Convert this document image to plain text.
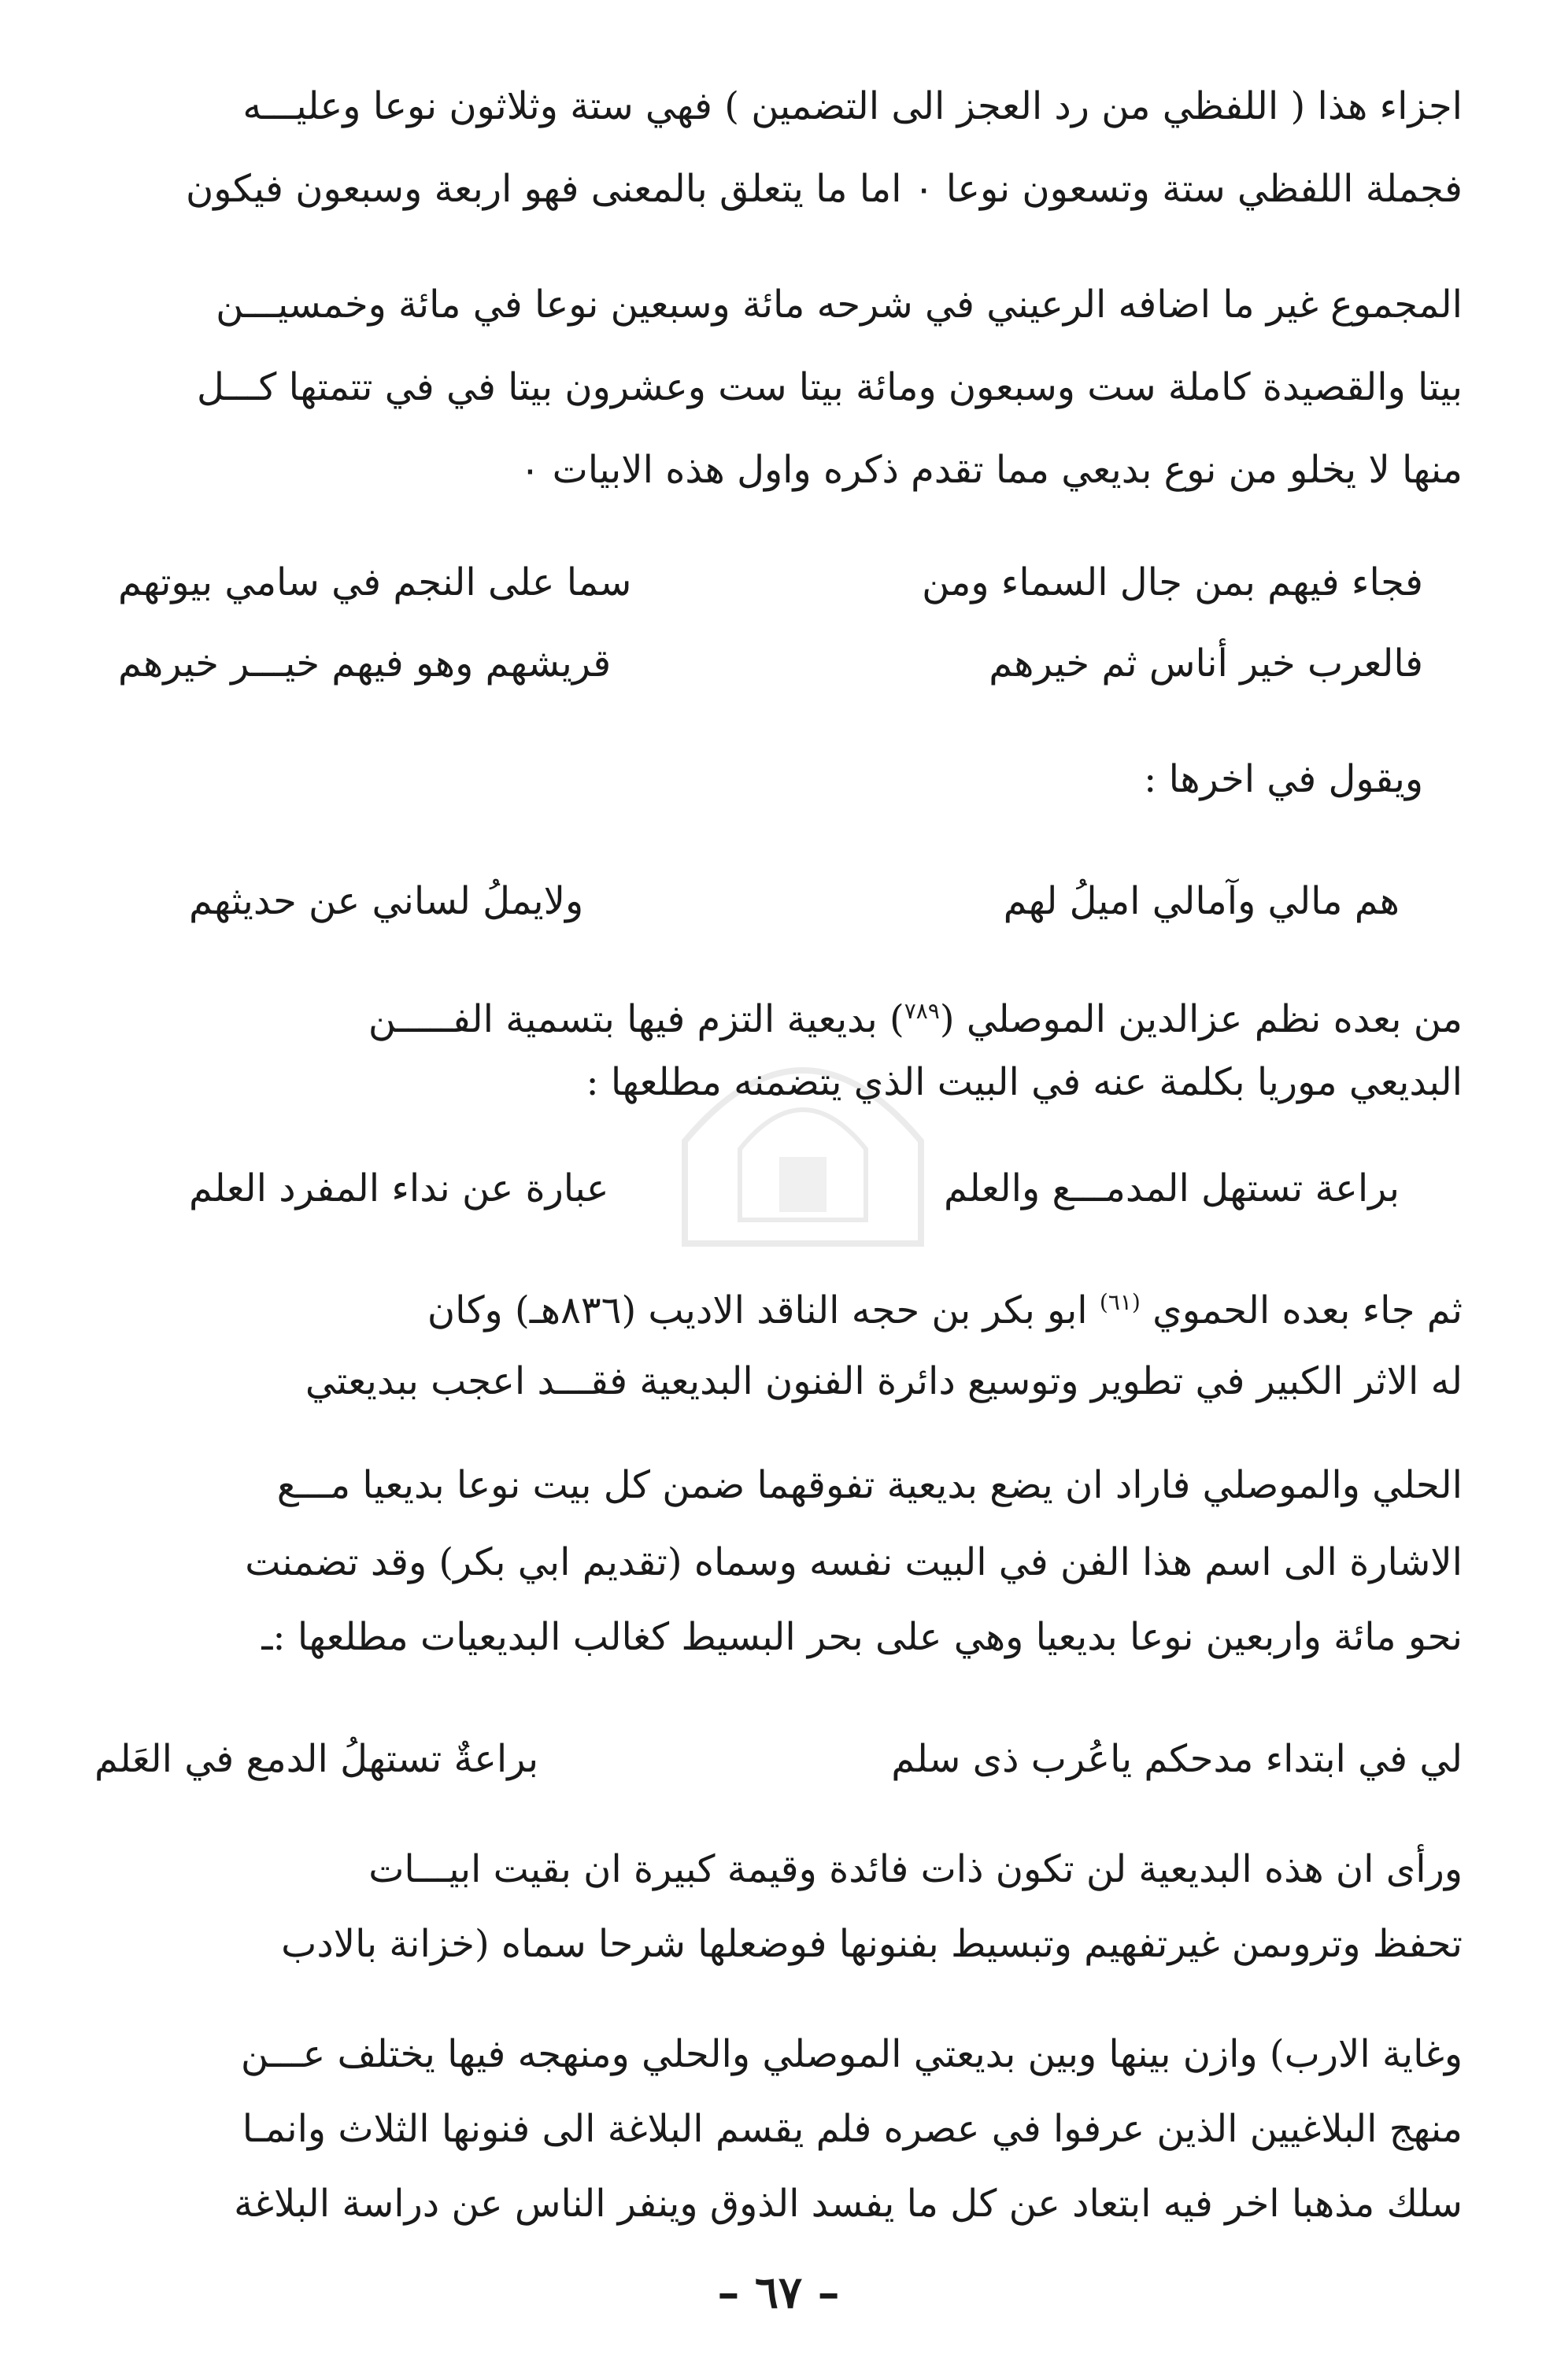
اجزاء هذا ( اللفظي من رد العجز الى التضمين ) فهي ستة وثلاثون نوعا وعليـــه
فجملة اللفظي ستة وتسعون نوعا ٠ اما ما يتعلق بالمعنى فهو اربعة وسبعون فيكون
المجموع غير ما اضافه الرعيني في شرحه مائة وسبعين نوعا في مائة وخمسيـــن
بيتا والقصيدة كاملة ست وسبعون ومائة بيتا ست وعشرون بيتا في في تتمتها كـــل
منها لا يخلو من نوع بديعي مما تقدم ذكره واول هذه الابيات ٠
فجاء فيهم بمن جال السماء ومن
سما على النجم في سامي بيوتهم
فالعرب خير أناس ثم خيرهم
قريشهم وهو فيهم خيـــر خيرهم
ويقول في اخرها :
هم مالي وآمالي اميلُ لهم
ولايملُ لساني عن حديثهم
من بعده نظم عزالدين الموصلي ($^{٧٨٩}$) بديعية التزم فيها بتسمية الفـــــن
البديعي موريا بكلمة عنه في البيت الذي يتضمنه مطلعها :
براعة تستهل المدمـــع والعلم
عبارة عن نداء المفرد العلم
ثم جاء بعده الحموي $^{(٦١)}$ ابو بكر بن حجه الناقد الاديب (٨٣٦هـ) وكان
له الاثر الكبير في تطوير وتوسيع دائرة الفنون البديعية فقـــد اعجب ببديعتي
الحلي والموصلي فاراد ان يضع بديعية تفوقهما ضمن كل بيت نوعا بديعيا مـــع
الاشارة الى اسم هذا الفن في البيت نفسه وسماه (تقديم ابي بكر) وقد تضمنت
نحو مائة واربعين نوعا بديعيا وهي على بحر البسيط كغالب البديعيات مطلعها :ـ
لي في ابتداء مدحكم ياعُرب ذى سلم
براعةٌ تستهلُ الدمع في العَلم
ورأى ان هذه البديعية لن تكون ذات فائدة وقيمة كبيرة ان بقيت ابيـــات
تحفظ وتروىمن غيرتفهيم وتبسيط بفنونها فوضعلها شرحا سماه (خزانة بالادب
وغاية الارب) وازن بينها وبين بديعتي الموصلي والحلي ومنهجه فيها يختلف عـــن
منهج البلاغيين الذين عرفوا في عصره فلم يقسم البلاغة الى فنونها الثلاث وانمـا
سلك مذهبا اخر فيه ابتعاد عن كل ما يفسد الذوق وينفر الناس عن دراسة البلاغة
– ٦٧ –
